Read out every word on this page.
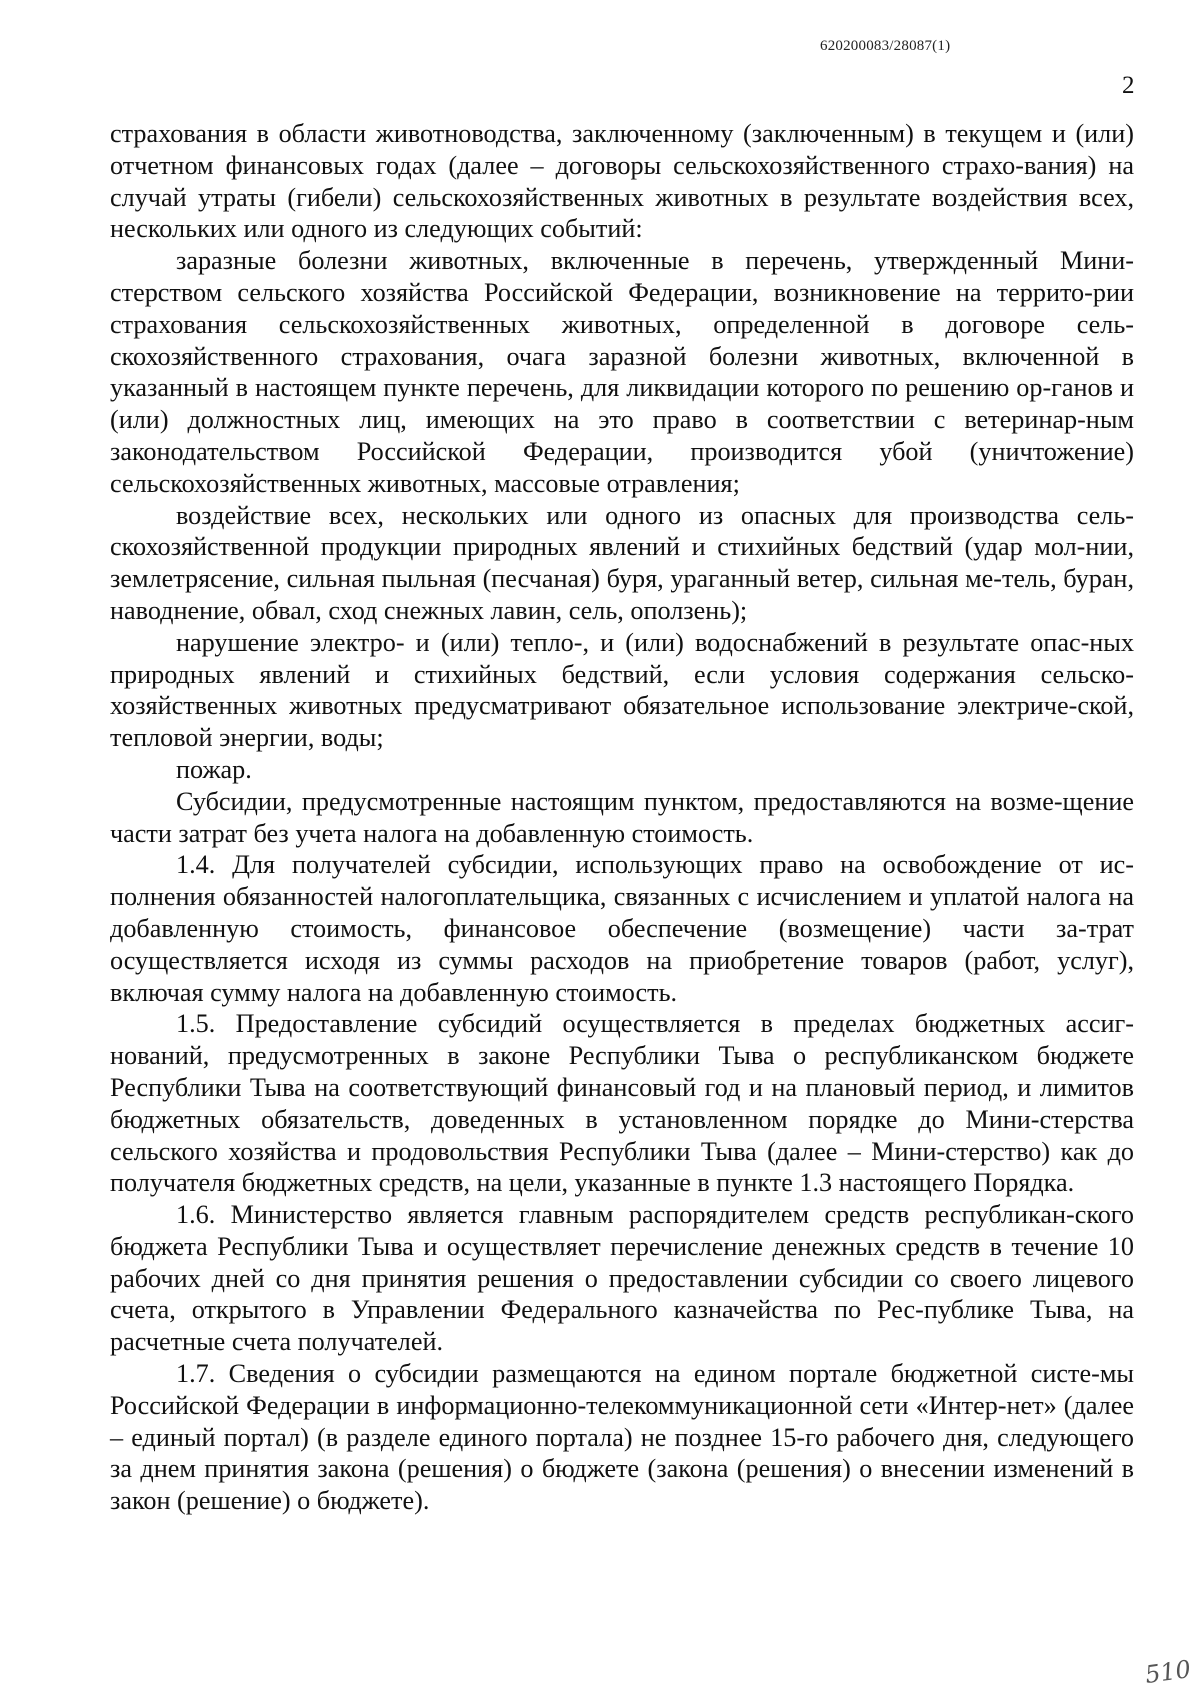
620200083/28087(1)
2

страхования в области животноводства, заключенному (заключенным) в текущем и (или) отчетном финансовых годах (далее – договоры сельскохозяйственного страхо-вания) на случай утраты (гибели) сельскохозяйственных животных в результате воздействия всех, нескольких или одного из следующих событий:

заразные болезни животных, включенные в перечень, утвержденный Мини-стерством сельского хозяйства Российской Федерации, возникновение на террито-рии страхования сельскохозяйственных животных, определенной в договоре сель-скохозяйственного страхования, очага заразной болезни животных, включенной в указанный в настоящем пункте перечень, для ликвидации которого по решению ор-ганов и (или) должностных лиц, имеющих на это право в соответствии с ветеринар-ным законодательством Российской Федерации, производится убой (уничтожение) сельскохозяйственных животных, массовые отравления;

воздействие всех, нескольких или одного из опасных для производства сель-скохозяйственной продукции природных явлений и стихийных бедствий (удар мол-нии, землетрясение, сильная пыльная (песчаная) буря, ураганный ветер, сильная ме-тель, буран, наводнение, обвал, сход снежных лавин, сель, оползень);

нарушение электро- и (или) тепло-, и (или) водоснабжений в результате опас-ных природных явлений и стихийных бедствий, если условия содержания сельско-хозяйственных животных предусматривают обязательное использование электриче-ской, тепловой энергии, воды;

пожар.

Субсидии, предусмотренные настоящим пунктом, предоставляются на возме-щение части затрат без учета налога на добавленную стоимость.

1.4. Для получателей субсидии, использующих право на освобождение от ис-полнения обязанностей налогоплательщика, связанных с исчислением и уплатой налога на добавленную стоимость, финансовое обеспечение (возмещение) части за-трат осуществляется исходя из суммы расходов на приобретение товаров (работ, услуг), включая сумму налога на добавленную стоимость.

1.5. Предоставление субсидий осуществляется в пределах бюджетных ассиг-нований, предусмотренных в законе Республики Тыва о республиканском бюджете Республики Тыва на соответствующий финансовый год и на плановый период, и лимитов бюджетных обязательств, доведенных в установленном порядке до Мини-стерства сельского хозяйства и продовольствия Республики Тыва (далее – Мини-стерство) как до получателя бюджетных средств, на цели, указанные в пункте 1.3 настоящего Порядка.

1.6. Министерство является главным распорядителем средств республикан-ского бюджета Республики Тыва и осуществляет перечисление денежных средств в течение 10 рабочих дней со дня принятия решения о предоставлении субсидии со своего лицевого счета, открытого в Управлении Федерального казначейства по Рес-публике Тыва, на расчетные счета получателей.

1.7. Сведения о субсидии размещаются на едином портале бюджетной систе-мы Российской Федерации в информационно-телекоммуникационной сети «Интер-нет» (далее – единый портал) (в разделе единого портала) не позднее 15-го рабочего дня, следующего за днем принятия закона (решения) о бюджете (закона (решения) о внесении изменений в закон (решение) о бюджете).

510
